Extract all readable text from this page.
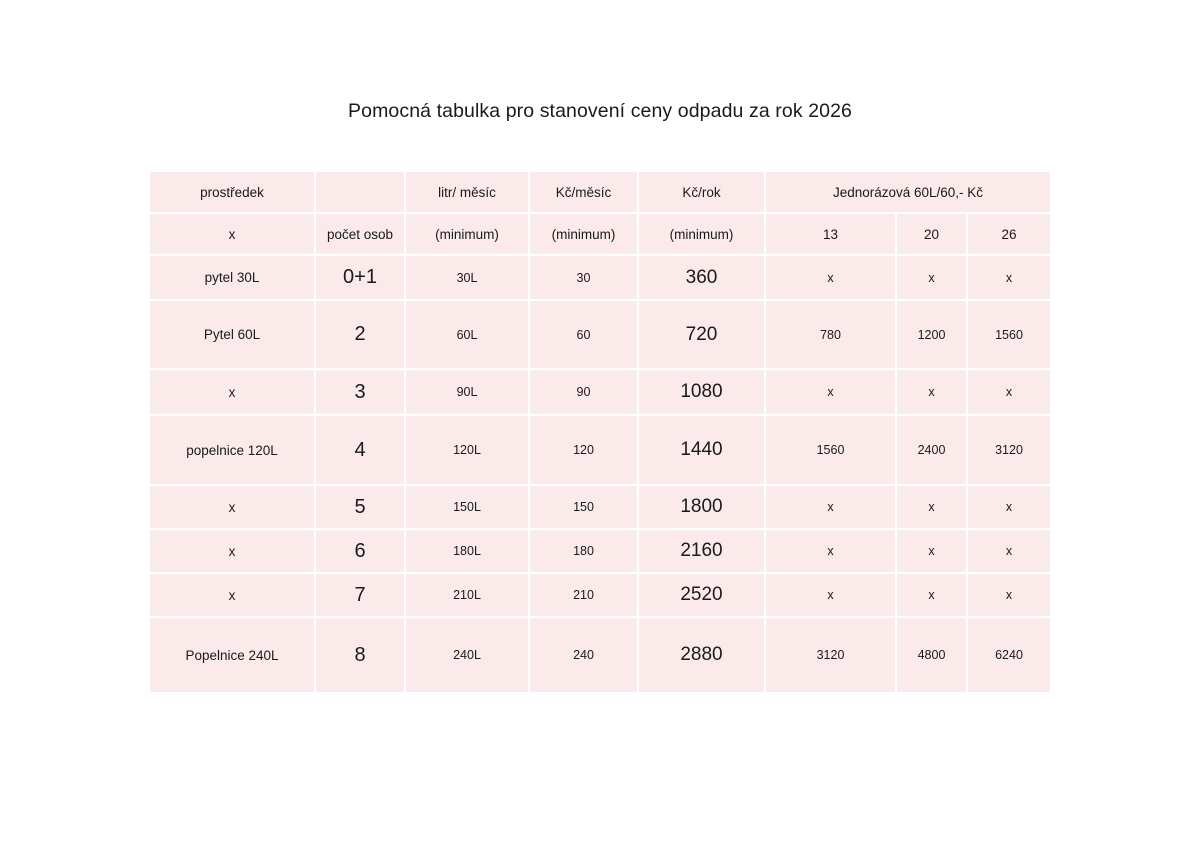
Pomocná tabulka pro stanovení ceny odpadu za rok 2026
prostředek		litr/ měsíc	Kč/měsíc	Kč/rok	Jednorázová 60L/60,- Kč		
x	počet osob	(minimum)	(minimum)	(minimum)	13	20	26
pytel 30L	0+1	30L	30	360	x	x	x
Pytel 60L	2	60L	60	720	780	1200	1560
x	3	90L	90	1080	x	x	x
popelnice 120L	4	120L	120	1440	1560	2400	3120
x	5	150L	150	1800	x	x	x
x	6	180L	180	2160	x	x	x
x	7	210L	210	2520	x	x	x
Popelnice 240L	8	240L	240	2880	3120	4800	6240
